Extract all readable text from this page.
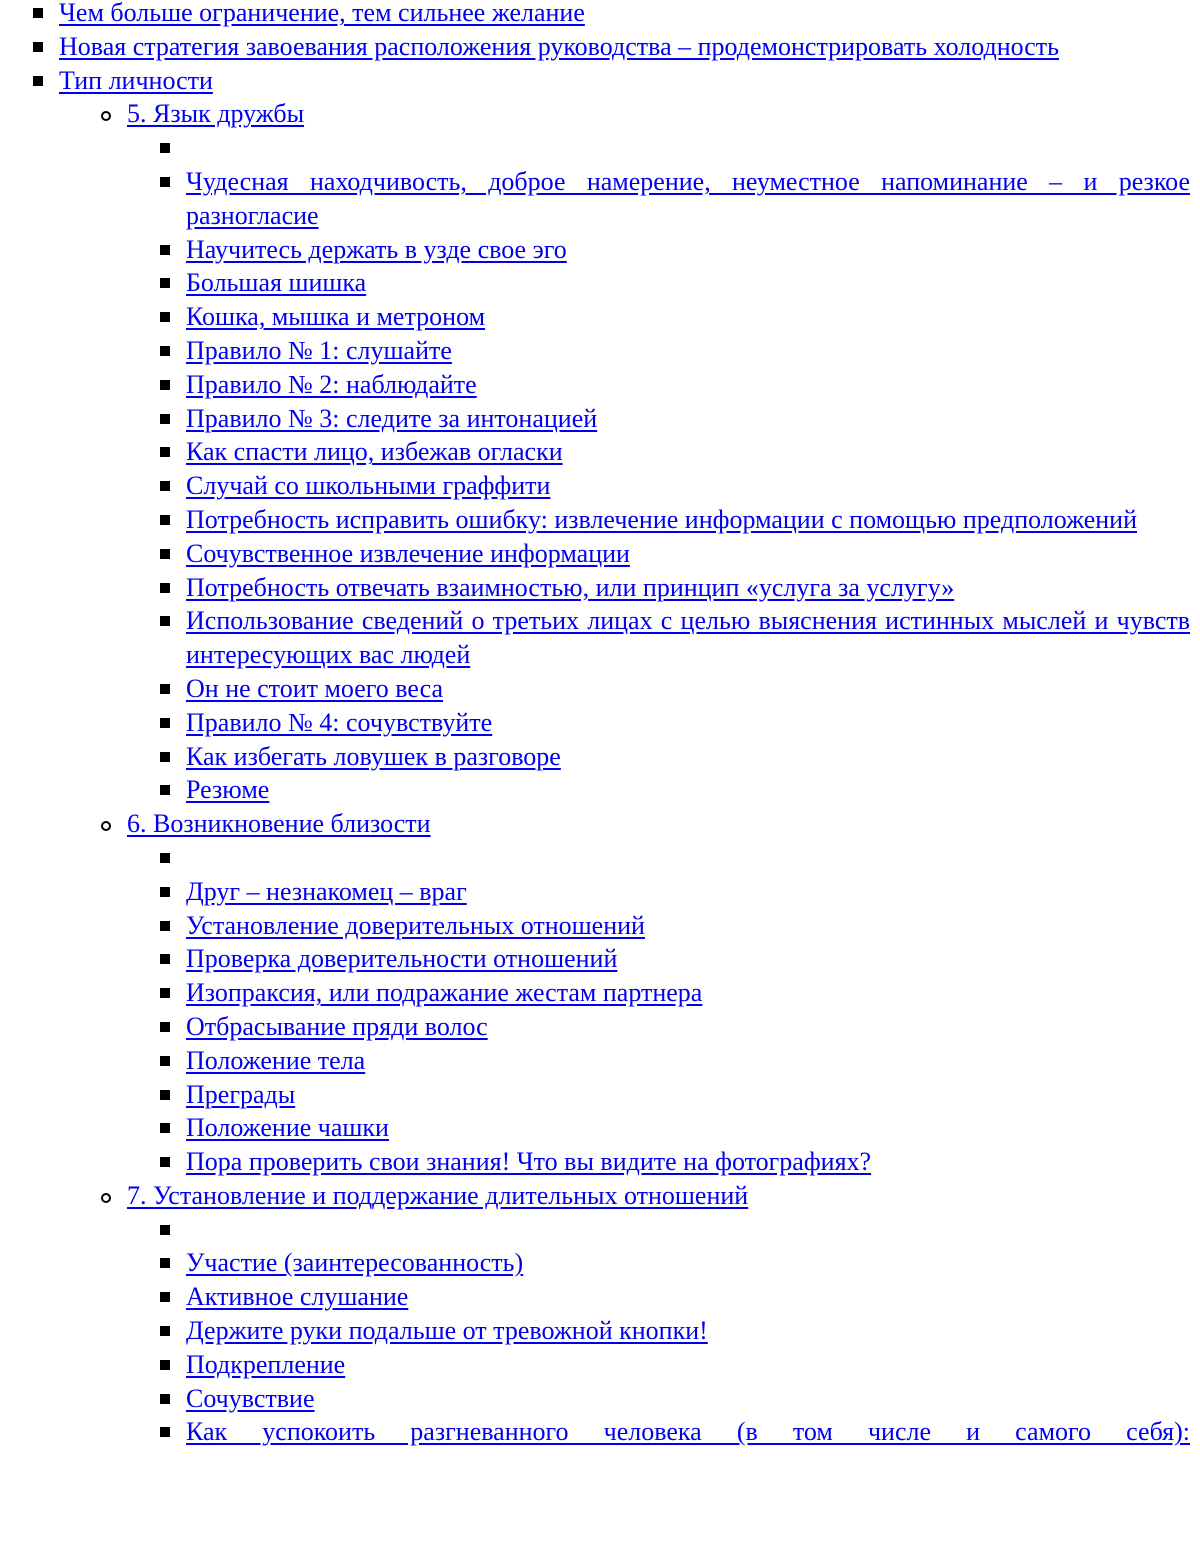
Чем больше ограничение, тем сильнее желание
Новая стратегия завоевания расположения руководства – продемонстрировать холодность
Тип личности
5. Язык дружбы

Чудесная находчивость, доброе намерение, неуместное напоминание – и резкое разногласие
Научитесь держать в узде свое эго
Большая шишка
Кошка, мышка и метроном
Правило № 1: слушайте
Правило № 2: наблюдайте
Правило № 3: следите за интонацией
Как спасти лицо, избежав огласки
Случай со школьными граффити
Потребность исправить ошибку: извлечение информации с помощью предположений
Сочувственное извлечение информации
Потребность отвечать взаимностью, или принцип «услуга за услугу»
Использование сведений о третьих лицах с целью выяснения истинных мыслей и чувств интересующих вас людей
Он не стоит моего веса
Правило № 4: сочувствуйте
Как избегать ловушек в разговоре
Резюме
6. Возникновение близости

Друг – незнакомец – враг
Установление доверительных отношений
Проверка доверительности отношений
Изопраксия, или подражание жестам партнера
Отбрасывание пряди волос
Положение тела
Преграды
Положение чашки
Пора проверить свои знания! Что вы видите на фотографиях?
7. Установление и поддержание длительных отношений

Участие (заинтересованность)
Активное слушание
Держите руки подальше от тревожной кнопки!
Подкрепление
Сочувствие
Как успокоить разгневанного человека (в том числе и самого себя):
